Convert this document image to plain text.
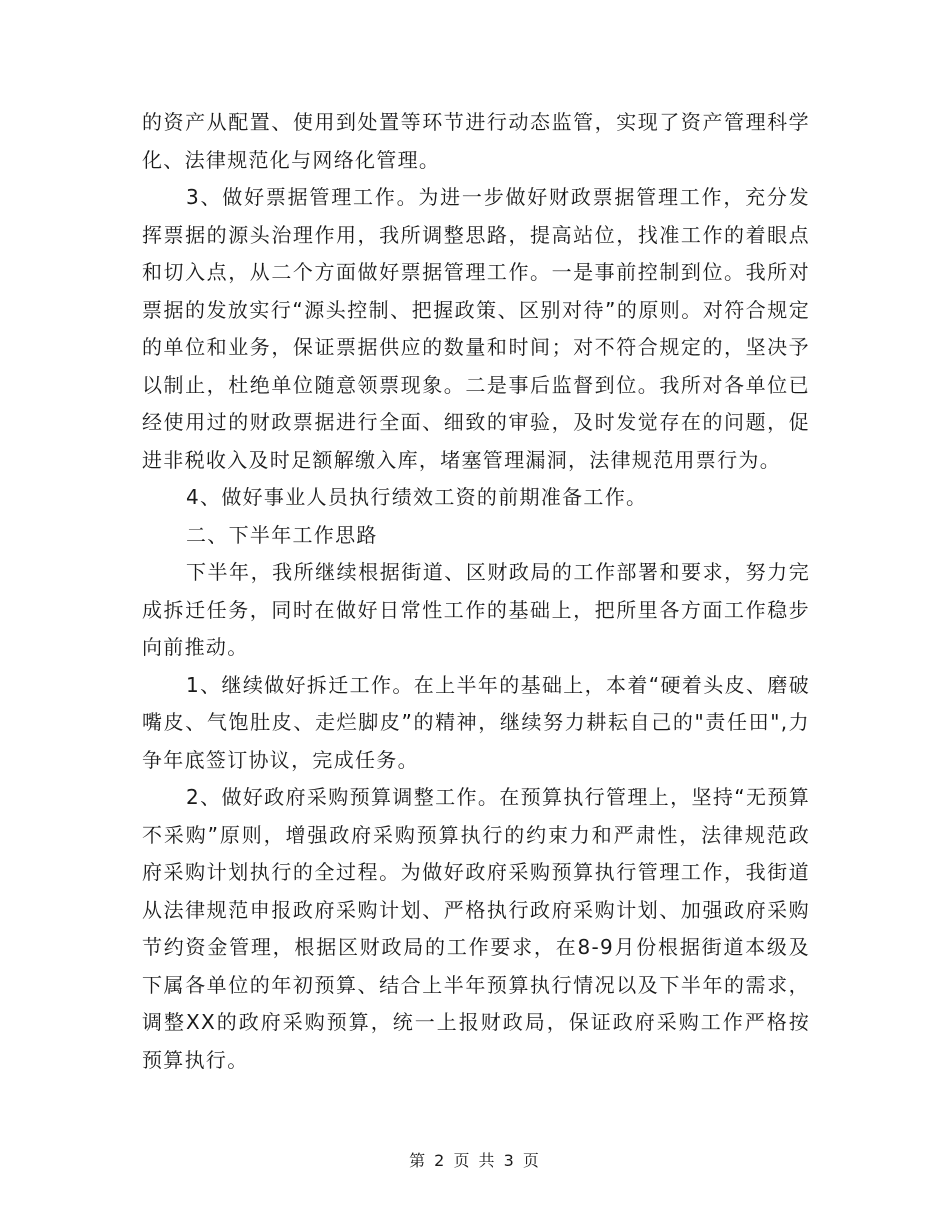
的资产从配置、使用到处置等环节进行动态监管，实现了资产管理科学化、法律规范化与网络化管理。

3、做好票据管理工作。为进一步做好财政票据管理工作，充分发挥票据的源头治理作用，我所调整思路，提高站位，找准工作的着眼点和切入点，从二个方面做好票据管理工作。一是事前控制到位。我所对票据的发放实行“源头控制、把握政策、区别对待”的原则。对符合规定的单位和业务，保证票据供应的数量和时间；对不符合规定的，坚决予以制止，杜绝单位随意领票现象。二是事后监督到位。我所对各单位已经使用过的财政票据进行全面、细致的审验，及时发觉存在的问题，促进非税收入及时足额解缴入库，堵塞管理漏洞，法律规范用票行为。

4、做好事业人员执行绩效工资的前期准备工作。

二、下半年工作思路

下半年，我所继续根据街道、区财政局的工作部署和要求，努力完成拆迁任务，同时在做好日常性工作的基础上，把所里各方面工作稳步向前推动。

1、继续做好拆迁工作。在上半年的基础上，本着“硬着头皮、磨破嘴皮、气饱肚皮、走烂脚皮”的精神，继续努力耕耘自己的"责任田",力争年底签订协议，完成任务。

2、做好政府采购预算调整工作。在预算执行管理上，坚持“无预算不采购”原则，增强政府采购预算执行的约束力和严肃性，法律规范政府采购计划执行的全过程。为做好政府采购预算执行管理工作，我街道从法律规范申报政府采购计划、严格执行政府采购计划、加强政府采购节约资金管理，根据区财政局的工作要求，在8-9月份根据街道本级及下属各单位的年初预算、结合上半年预算执行情况以及下半年的需求，调整XX的政府采购预算，统一上报财政局，保证政府采购工作严格按预算执行。

第 2 页 共 3 页
